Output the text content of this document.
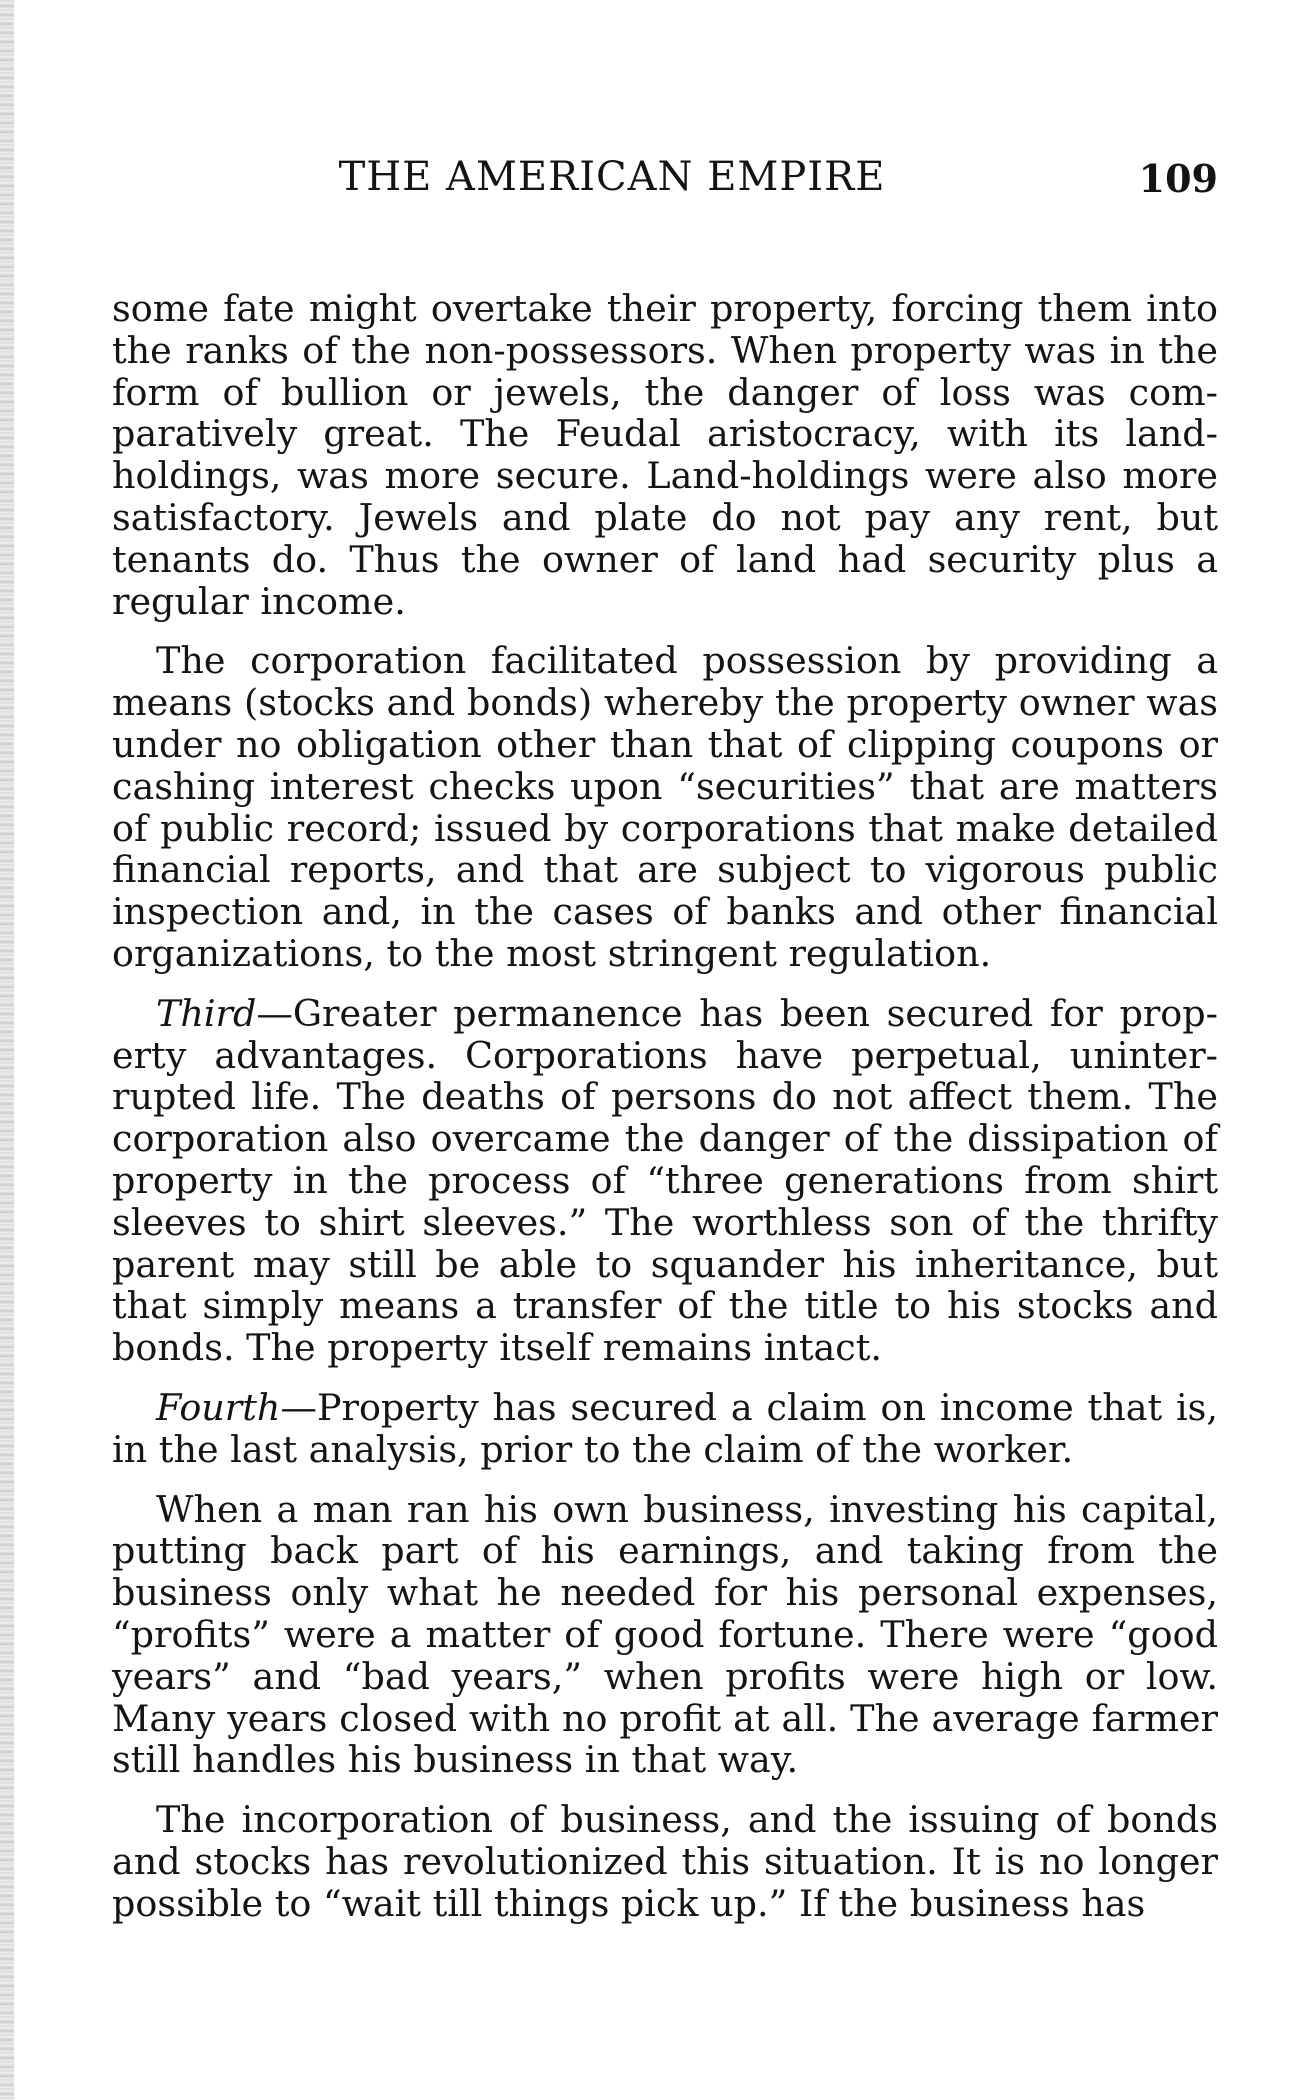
THE AMERICAN EMPIRE	109

some fate might overtake their property, forcing them into the ranks of the non-possessors. When property was in the form of bullion or jewels, the danger of loss was comparatively great. The Feudal aristocracy, with its landholdings, was more secure. Land-holdings were also more satisfactory. Jewels and plate do not pay any rent, but tenants do. Thus the owner of land had security plus a regular income.

The corporation facilitated possession by providing a means (stocks and bonds) whereby the property owner was under no obligation other than that of clipping coupons or cashing interest checks upon “securities” that are matters of public record; issued by corporations that make detailed financial reports, and that are subject to vigorous public inspection and, in the cases of banks and other financial organizations, to the most stringent regulation.

Third—Greater permanence has been secured for property advantages. Corporations have perpetual, uninterrupted life. The deaths of persons do not affect them. The corporation also overcame the danger of the dissipation of property in the process of “three generations from shirt sleeves to shirt sleeves.” The worthless son of the thrifty parent may still be able to squander his inheritance, but that simply means a transfer of the title to his stocks and bonds. The property itself remains intact.

Fourth—Property has secured a claim on income that is, in the last analysis, prior to the claim of the worker.

When a man ran his own business, investing his capital, putting back part of his earnings, and taking from the business only what he needed for his personal expenses, “profits” were a matter of good fortune. There were “good years” and “bad years,” when profits were high or low. Many years closed with no profit at all. The average farmer still handles his business in that way.

The incorporation of business, and the issuing of bonds and stocks has revolutionized this situation. It is no longer possible to “wait till things pick up.” If the business has
